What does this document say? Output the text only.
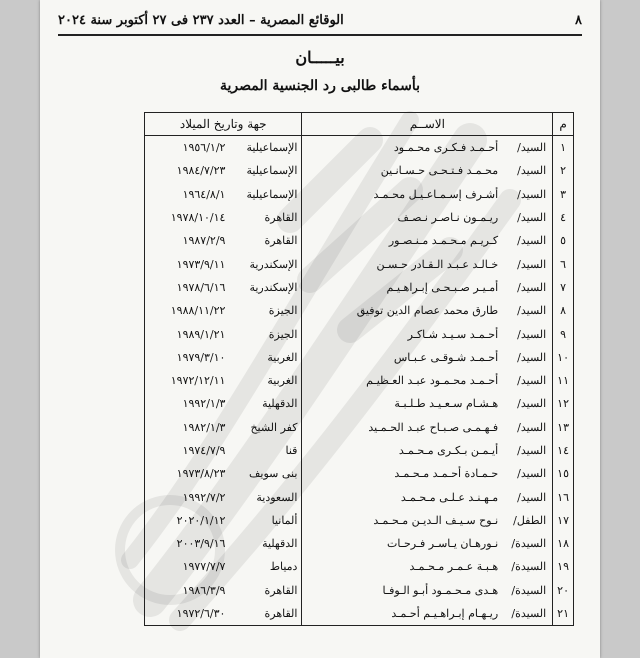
٨
الوقائع المصرية – العدد ٢٣٧ فى ٢٧ أكتوبر سنة ٢٠٢٤
بيـــــان
بأسماء طالبى رد الجنسية المصرية
م	الاســم	جهة وتاريخ الميلاد
١	السيد/أحـمـد فـكـرى محـمـود	الإسماعيلية١٩٥٦/١/٢
٢	السيد/محـمـد فـتـحـى حـسـانـين	الإسماعيلية١٩٨٤/٧/٢٣
٣	السيد/أشـرف إسـمـاعـيـل محـمـد	الإسماعيلية١٩٦٤/٨/١
٤	السيد/ريـمـون نـاصـر نـصـف	القاهرة١٩٧٨/١٠/١٤
٥	السيد/كـريـم مـحـمـد مـنـصـور	القاهرة١٩٨٧/٢/٩
٦	السيد/خـالـد عـبـد الـقـادر حـسـن	الإسكندرية١٩٧٣/٩/١١
٧	السيد/أمـيـر صـبـحـى إبـراهـيـم	الإسكندرية١٩٧٨/٦/١٦
٨	السيد/طارق محمد عصام الدين توفيق	الجيزة١٩٨٨/١١/٢٢
٩	السيد/أحـمـد سـيـد شـاكـر	الجيزة١٩٨٩/١/٢١
١٠	السيد/أحـمـد شـوقـى عـبـاس	الغربية١٩٧٩/٣/١٠
١١	السيد/أحـمـد محـمـود عبـد العـظيـم	الغربية١٩٧٢/١٢/١١
١٢	السيد/هـشـام سـعـيـد طـلـبـة	الدقهلية١٩٩٢/١/٣
١٣	السيد/فـهـمـى صـبـاح عبـد الحـمـيد	كفر الشيخ١٩٨٢/١/٣
١٤	السيد/أيـمـن بـكـرى مـحـمـد	قنا١٩٧٤/٧/٩
١٥	السيد/حـمـادة أحـمـد مـحـمـد	بنى سويف١٩٧٣/٨/٢٣
١٦	السيد/مـهـنـد عـلـى مـحـمـد	السعودية١٩٩٢/٧/٢
١٧	الطفل/نـوح سـيـف الـديـن مـحـمـد	ألمانيا٢٠٢٠/١/١٢
١٨	السيدة/نـورهـان يـاسـر فـرحـات	الدقهلية٢٠٠٣/٩/١٦
١٩	السيدة/هـبـة عـمـر مـحـمـد	دمياط١٩٧٧/٧/٧
٢٠	السيدة/هـدى مـحـمـود أبـو الـوفـا	القاهرة١٩٨٦/٣/٩
٢١	السيدة/ريـهـام إبـراهـيـم أحـمـد	القاهرة١٩٧٢/٦/٣٠
